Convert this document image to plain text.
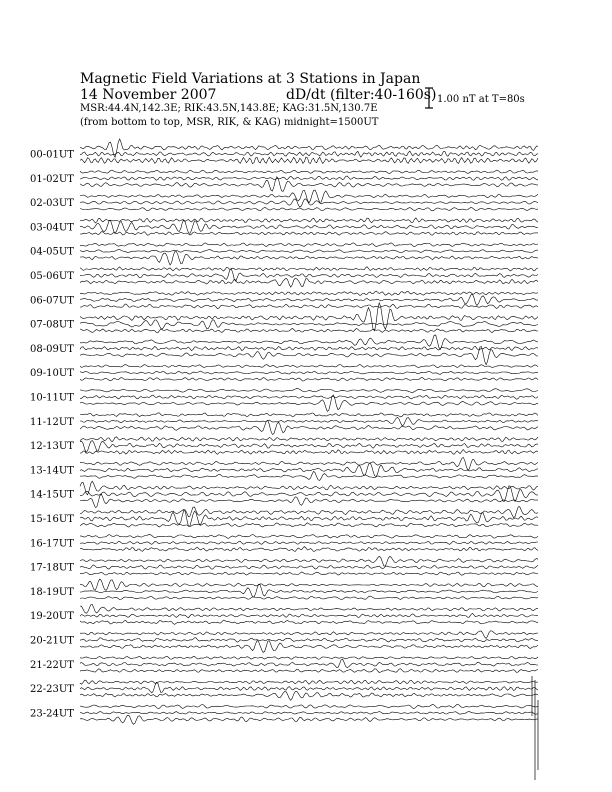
Magnetic Field Variations at 3 Stations in Japan
14 November 2007	dD/dt (filter:40-160s)
MSR:44.4N,142.3E; RIK:43.5N,143.8E; KAG:31.5N,130.7E
(from bottom to top, MSR, RIK, & KAG) midnight=1500UT
1.00 nT at T=80s
00-01UT
01-02UT
02-03UT
03-04UT
04-05UT
05-06UT
06-07UT
07-08UT
08-09UT
09-10UT
10-11UT
11-12UT
12-13UT
13-14UT
14-15UT
15-16UT
16-17UT
17-18UT
18-19UT
19-20UT
20-21UT
21-22UT
22-23UT
23-24UT
